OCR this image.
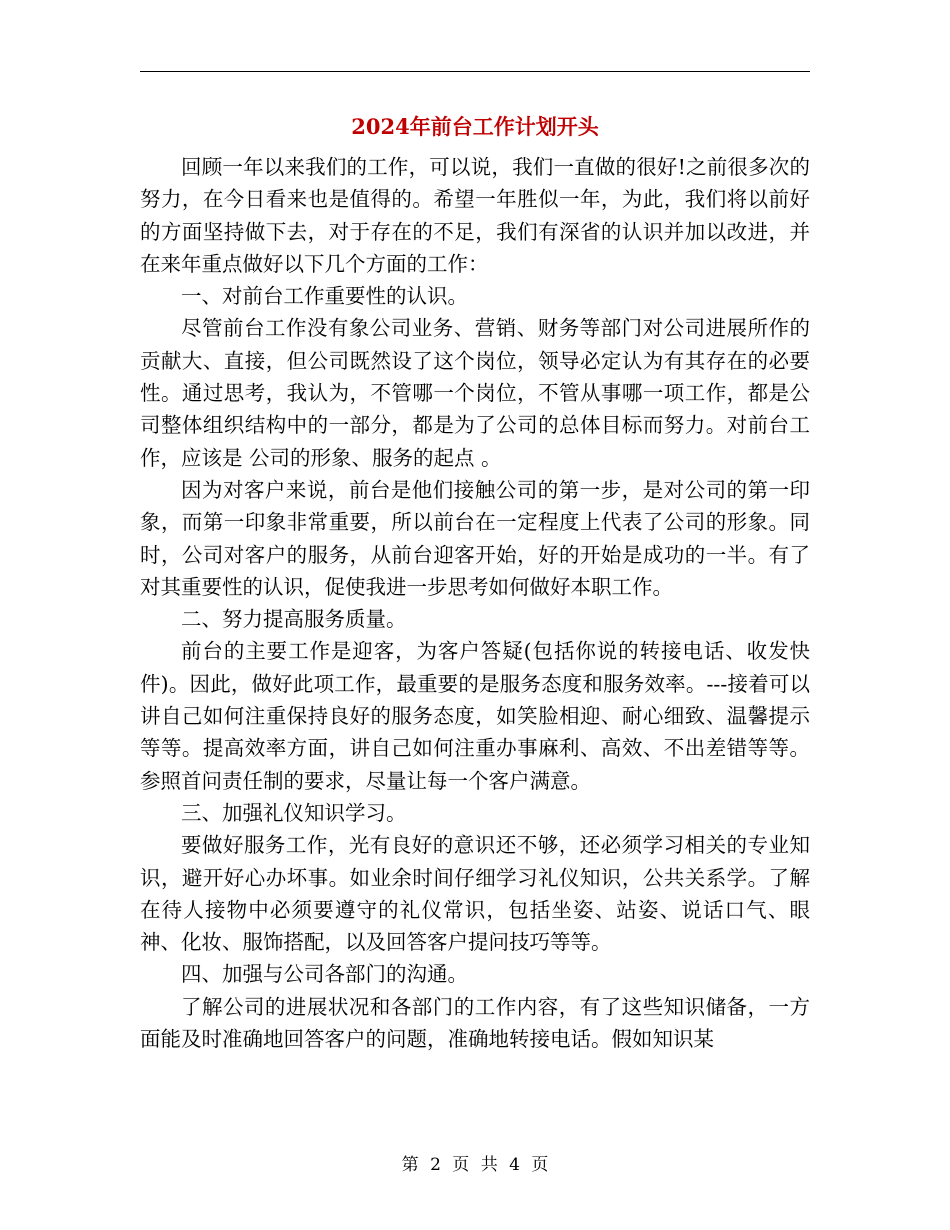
2024年前台工作计划开头

回顾一年以来我们的工作，可以说，我们一直做的很好!之前很多次的努力，在今日看来也是值得的。希望一年胜似一年，为此，我们将以前好的方面坚持做下去，对于存在的不足，我们有深省的认识并加以改进，并在来年重点做好以下几个方面的工作：

一、对前台工作重要性的认识。

尽管前台工作没有象公司业务、营销、财务等部门对公司进展所作的贡献大、直接，但公司既然设了这个岗位，领导必定认为有其存在的必要性。通过思考，我认为，不管哪一个岗位，不管从事哪一项工作，都是公司整体组织结构中的一部分，都是为了公司的总体目标而努力。对前台工作，应该是 公司的形象、服务的起点 。

因为对客户来说，前台是他们接触公司的第一步，是对公司的第一印象，而第一印象非常重要，所以前台在一定程度上代表了公司的形象。同时，公司对客户的服务，从前台迎客开始，好的开始是成功的一半。有了对其重要性的认识，促使我进一步思考如何做好本职工作。

二、努力提高服务质量。

前台的主要工作是迎客，为客户答疑(包括你说的转接电话、收发快件)。因此，做好此项工作，最重要的是服务态度和服务效率。---接着可以讲自己如何注重保持良好的服务态度，如笑脸相迎、耐心细致、温馨提示等等。提高效率方面，讲自己如何注重办事麻利、高效、不出差错等等。参照首问责任制的要求，尽量让每一个客户满意。

三、加强礼仪知识学习。

要做好服务工作，光有良好的意识还不够，还必须学习相关的专业知识，避开好心办坏事。如业余时间仔细学习礼仪知识，公共关系学。了解在待人接物中必须要遵守的礼仪常识，包括坐姿、站姿、说话口气、眼神、化妆、服饰搭配，以及回答客户提问技巧等等。

四、加强与公司各部门的沟通。

了解公司的进展状况和各部门的工作内容，有了这些知识储备，一方面能及时准确地回答客户的问题，准确地转接电话。假如知识某

第 2 页 共 4 页
